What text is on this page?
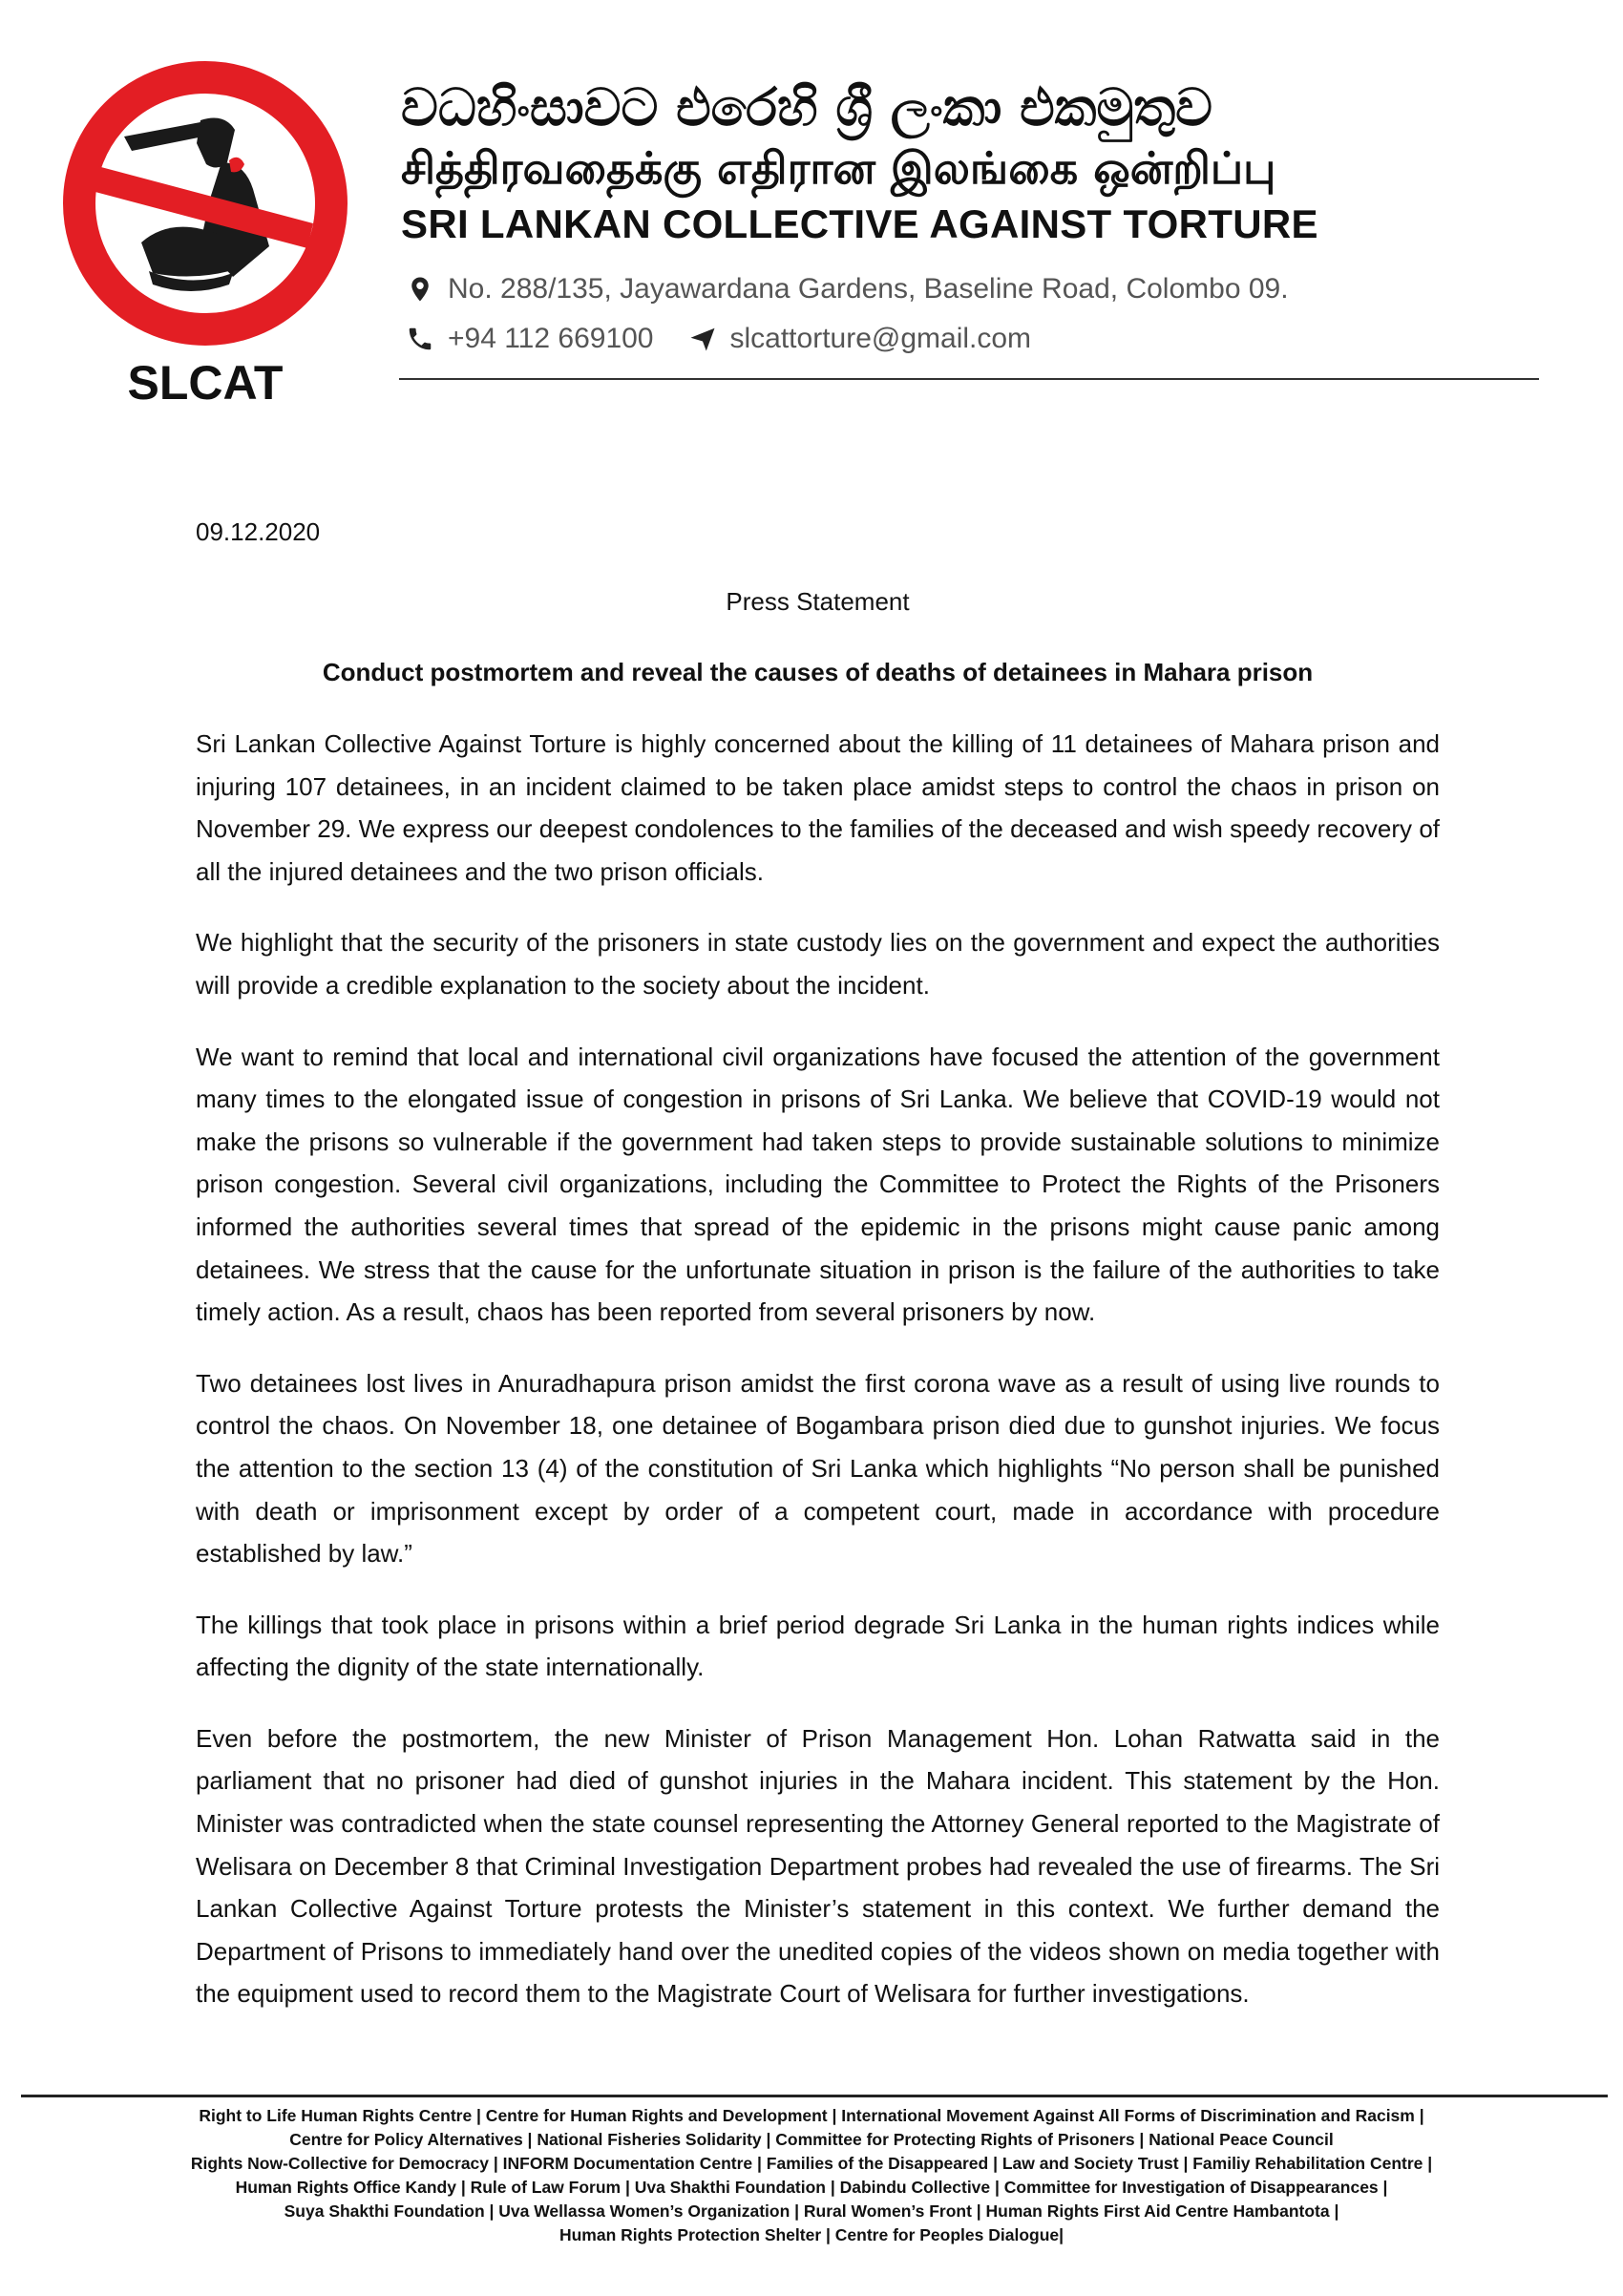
SLCAT
වධහිංසාවට එරෙහි ශ්‍රී ලංකා එකමුතුව
சித்திரவதைக்கு எதிரான இலங்கை ஒன்றிப்பு
SRI LANKAN COLLECTIVE AGAINST TORTURE
No. 288/135, Jayawardana Gardens, Baseline Road, Colombo 09.
+94 112 669100	slcattorture@gmail.com
09.12.2020
Press Statement
Conduct postmortem and reveal the causes of deaths of detainees in Mahara prison

Sri Lankan Collective Against Torture is highly concerned about the killing of 11 detainees of Mahara prison and injuring 107 detainees, in an incident claimed to be taken place amidst steps to control the chaos in prison on November 29. We express our deepest condolences to the families of the deceased and wish speedy recovery of all the injured detainees and the two prison officials.

We highlight that the security of the prisoners in state custody lies on the government and expect the authorities will provide a credible explanation to the society about the incident.

We want to remind that local and international civil organizations have focused the attention of the government many times to the elongated issue of congestion in prisons of Sri Lanka. We believe that COVID-19 would not make the prisons so vulnerable if the government had taken steps to provide sustainable solutions to minimize prison congestion. Several civil organizations, including the Committee to Protect the Rights of the Prisoners informed the authorities several times that spread of the epidemic in the prisons might cause panic among detainees. We stress that the cause for the unfortunate situation in prison is the failure of the authorities to take timely action. As a result, chaos has been reported from several prisoners by now.

Two detainees lost lives in Anuradhapura prison amidst the first corona wave as a result of using live rounds to control the chaos. On November 18, one detainee of Bogambara prison died due to gunshot injuries. We focus the attention to the section 13 (4) of the constitution of Sri Lanka which highlights “No person shall be punished with death or imprisonment except by order of a competent court, made in accordance with procedure established by law.”

The killings that took place in prisons within a brief period degrade Sri Lanka in the human rights indices while affecting the dignity of the state internationally.

Even before the postmortem, the new Minister of Prison Management Hon. Lohan Ratwatta said in the parliament that no prisoner had died of gunshot injuries in the Mahara incident. This statement by the Hon. Minister was contradicted when the state counsel representing the Attorney General reported to the Magistrate of Welisara on December 8 that Criminal Investigation Department probes had revealed the use of firearms. The Sri Lankan Collective Against Torture protests the Minister’s statement in this context. We further demand the Department of Prisons to immediately hand over the unedited copies of the videos shown on media together with the equipment used to record them to the Magistrate Court of Welisara for further investigations.

Right to Life Human Rights Centre | Centre for Human Rights and Development | International Movement Against All Forms of Discrimination and Racism |
Centre for Policy Alternatives | National Fisheries Solidarity | Committee for Protecting Rights of Prisoners | National Peace Council
Rights Now-Collective for Democracy | INFORM Documentation Centre | Families of the Disappeared | Law and Society Trust | Familiy Rehabilitation Centre |
Human Rights Office Kandy | Rule of Law Forum | Uva Shakthi Foundation | Dabindu Collective | Committee for Investigation of Disappearances |
Suya Shakthi Foundation | Uva Wellassa Women’s Organization | Rural Women’s Front | Human Rights First Aid Centre Hambantota |
Human Rights Protection Shelter | Centre for Peoples Dialogue|
